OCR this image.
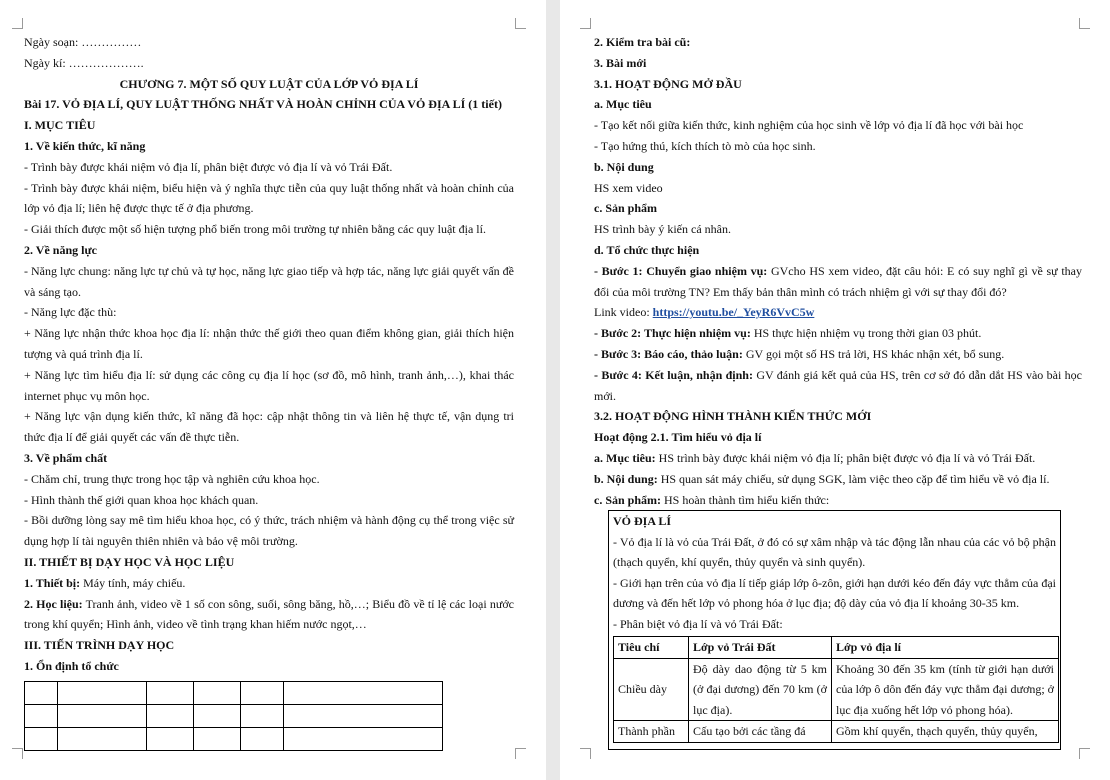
Ngày soạn: ……………

Ngày kí: ……………….

CHƯƠNG 7. MỘT SỐ QUY LUẬT CỦA LỚP VỎ ĐỊA LÍ

Bài 17. VỎ ĐỊA LÍ, QUY LUẬT THỐNG NHẤT VÀ HOÀN CHỈNH CỦA VỎ ĐỊA LÍ (1 tiết)

I. MỤC TIÊU

1. Về kiến thức, kĩ năng

- Trình bày được khái niệm vỏ địa lí, phân biệt được vỏ địa lí và vỏ Trái Đất.

- Trình bày được khái niệm, biểu hiện và ý nghĩa thực tiễn của quy luật thống nhất và hoàn chỉnh của lớp vỏ địa lí; liên hệ được thực tế ở địa phương.

- Giải thích được một số hiện tượng phổ biến trong môi trường tự nhiên bằng các quy luật địa lí.

2. Về năng lực

- Năng lực chung: năng lực tự chủ và tự học, năng lực giao tiếp và hợp tác, năng lực giải quyết vấn đề và sáng tạo.

- Năng lực đặc thù:

+ Năng lực nhận thức khoa học địa lí: nhận thức thế giới theo quan điểm không gian, giải thích hiện tượng và quá trình địa lí.

+ Năng lực tìm hiểu địa lí: sử dụng các công cụ địa lí học (sơ đồ, mô hình, tranh ảnh,…), khai thác internet phục vụ môn học.

+ Năng lực vận dụng kiến thức, kĩ năng đã học: cập nhật thông tin và liên hệ thực tế, vận dụng tri thức địa lí để giải quyết các vấn đề thực tiễn.

3. Về phẩm chất

- Chăm chỉ, trung thực trong học tập và nghiên cứu khoa học.

- Hình thành thế giới quan khoa học khách quan.

- Bồi dưỡng lòng say mê tìm hiểu khoa học, có ý thức, trách nhiệm và hành động cụ thể trong việc sử dụng hợp lí tài nguyên thiên nhiên và bảo vệ môi trường.

II. THIẾT BỊ DẠY HỌC VÀ HỌC LIỆU

1. Thiết bị: Máy tính, máy chiếu.

2. Học liệu: Tranh ảnh, video về 1 số con sông, suối, sông băng, hồ,…; Biểu đồ về tỉ lệ các loại nước trong khí quyển; Hình ảnh, video về tình trạng khan hiếm nước ngọt,…

III. TIẾN TRÌNH DẠY HỌC

1. Ổn định tổ chức

2. Kiểm tra bài cũ:

3. Bài mới

3.1. HOẠT ĐỘNG MỞ ĐẦU

a. Mục tiêu

- Tạo kết nối giữa kiến thức, kinh nghiệm của học sinh về lớp vỏ địa lí đã học với bài học

- Tạo hứng thú, kích thích tò mò của học sinh.

b. Nội dung

HS xem video

c. Sản phẩm

HS trình bày ý kiến cá nhân.

d. Tổ chức thực hiện

- Bước 1: Chuyển giao nhiệm vụ: GVcho HS xem video, đặt câu hỏi: E có suy nghĩ gì về sự thay đổi của môi trường TN? Em thấy bản thân mình có trách nhiệm gì với sự thay đổi đó?

Link video: https://youtu.be/_YeyR6VvC5w

- Bước 2: Thực hiện nhiệm vụ: HS thực hiện nhiệm vụ trong thời gian 03 phút.

- Bước 3: Báo cáo, thảo luận: GV gọi một số HS trả lời, HS khác nhận xét, bổ sung.

- Bước 4: Kết luận, nhận định: GV đánh giá kết quả của HS, trên cơ sở đó dẫn dắt HS vào bài học mới.

3.2. HOẠT ĐỘNG HÌNH THÀNH KIẾN THỨC MỚI

Hoạt động 2.1. Tìm hiểu vỏ địa lí

a. Mục tiêu: HS trình bày được khái niệm vỏ địa lí; phân biệt được vỏ địa lí và vỏ Trái Đất.

b. Nội dung: HS quan sát máy chiếu, sử dụng SGK, làm việc theo cặp để tìm hiểu về vỏ địa lí.

c. Sản phẩm: HS hoàn thành tìm hiểu kiến thức:

VỎ ĐỊA LÍ

- Vỏ địa lí là vỏ của Trái Đất, ở đó có sự xâm nhập và tác động lẫn nhau của các vỏ bộ phận (thạch quyển, khí quyển, thủy quyển và sinh quyển).

- Giới hạn trên của vỏ địa lí tiếp giáp lớp ô-zôn, giới hạn dưới kéo đến đáy vực thẳm của đại dương và đến hết lớp vỏ phong hóa ở lục địa; độ dày của vỏ địa lí khoảng 30-35 km.

- Phân biệt vỏ địa lí và vỏ Trái Đất:

Tiêu chí	Lớp vỏ Trái Đất	Lớp vỏ địa lí
Chiều dày	Độ dày dao động từ 5 km (ở đại dương) đến 70 km (ở lục địa).	Khoảng 30 đến 35 km (tính từ giới hạn dưới của lớp ô dôn đến đáy vực thẳm đại dương; ở lục địa xuống hết lớp vỏ phong hóa).
Thành phần	Cấu tạo bởi các tầng đá	Gồm khí quyển, thạch quyển, thủy quyển,
